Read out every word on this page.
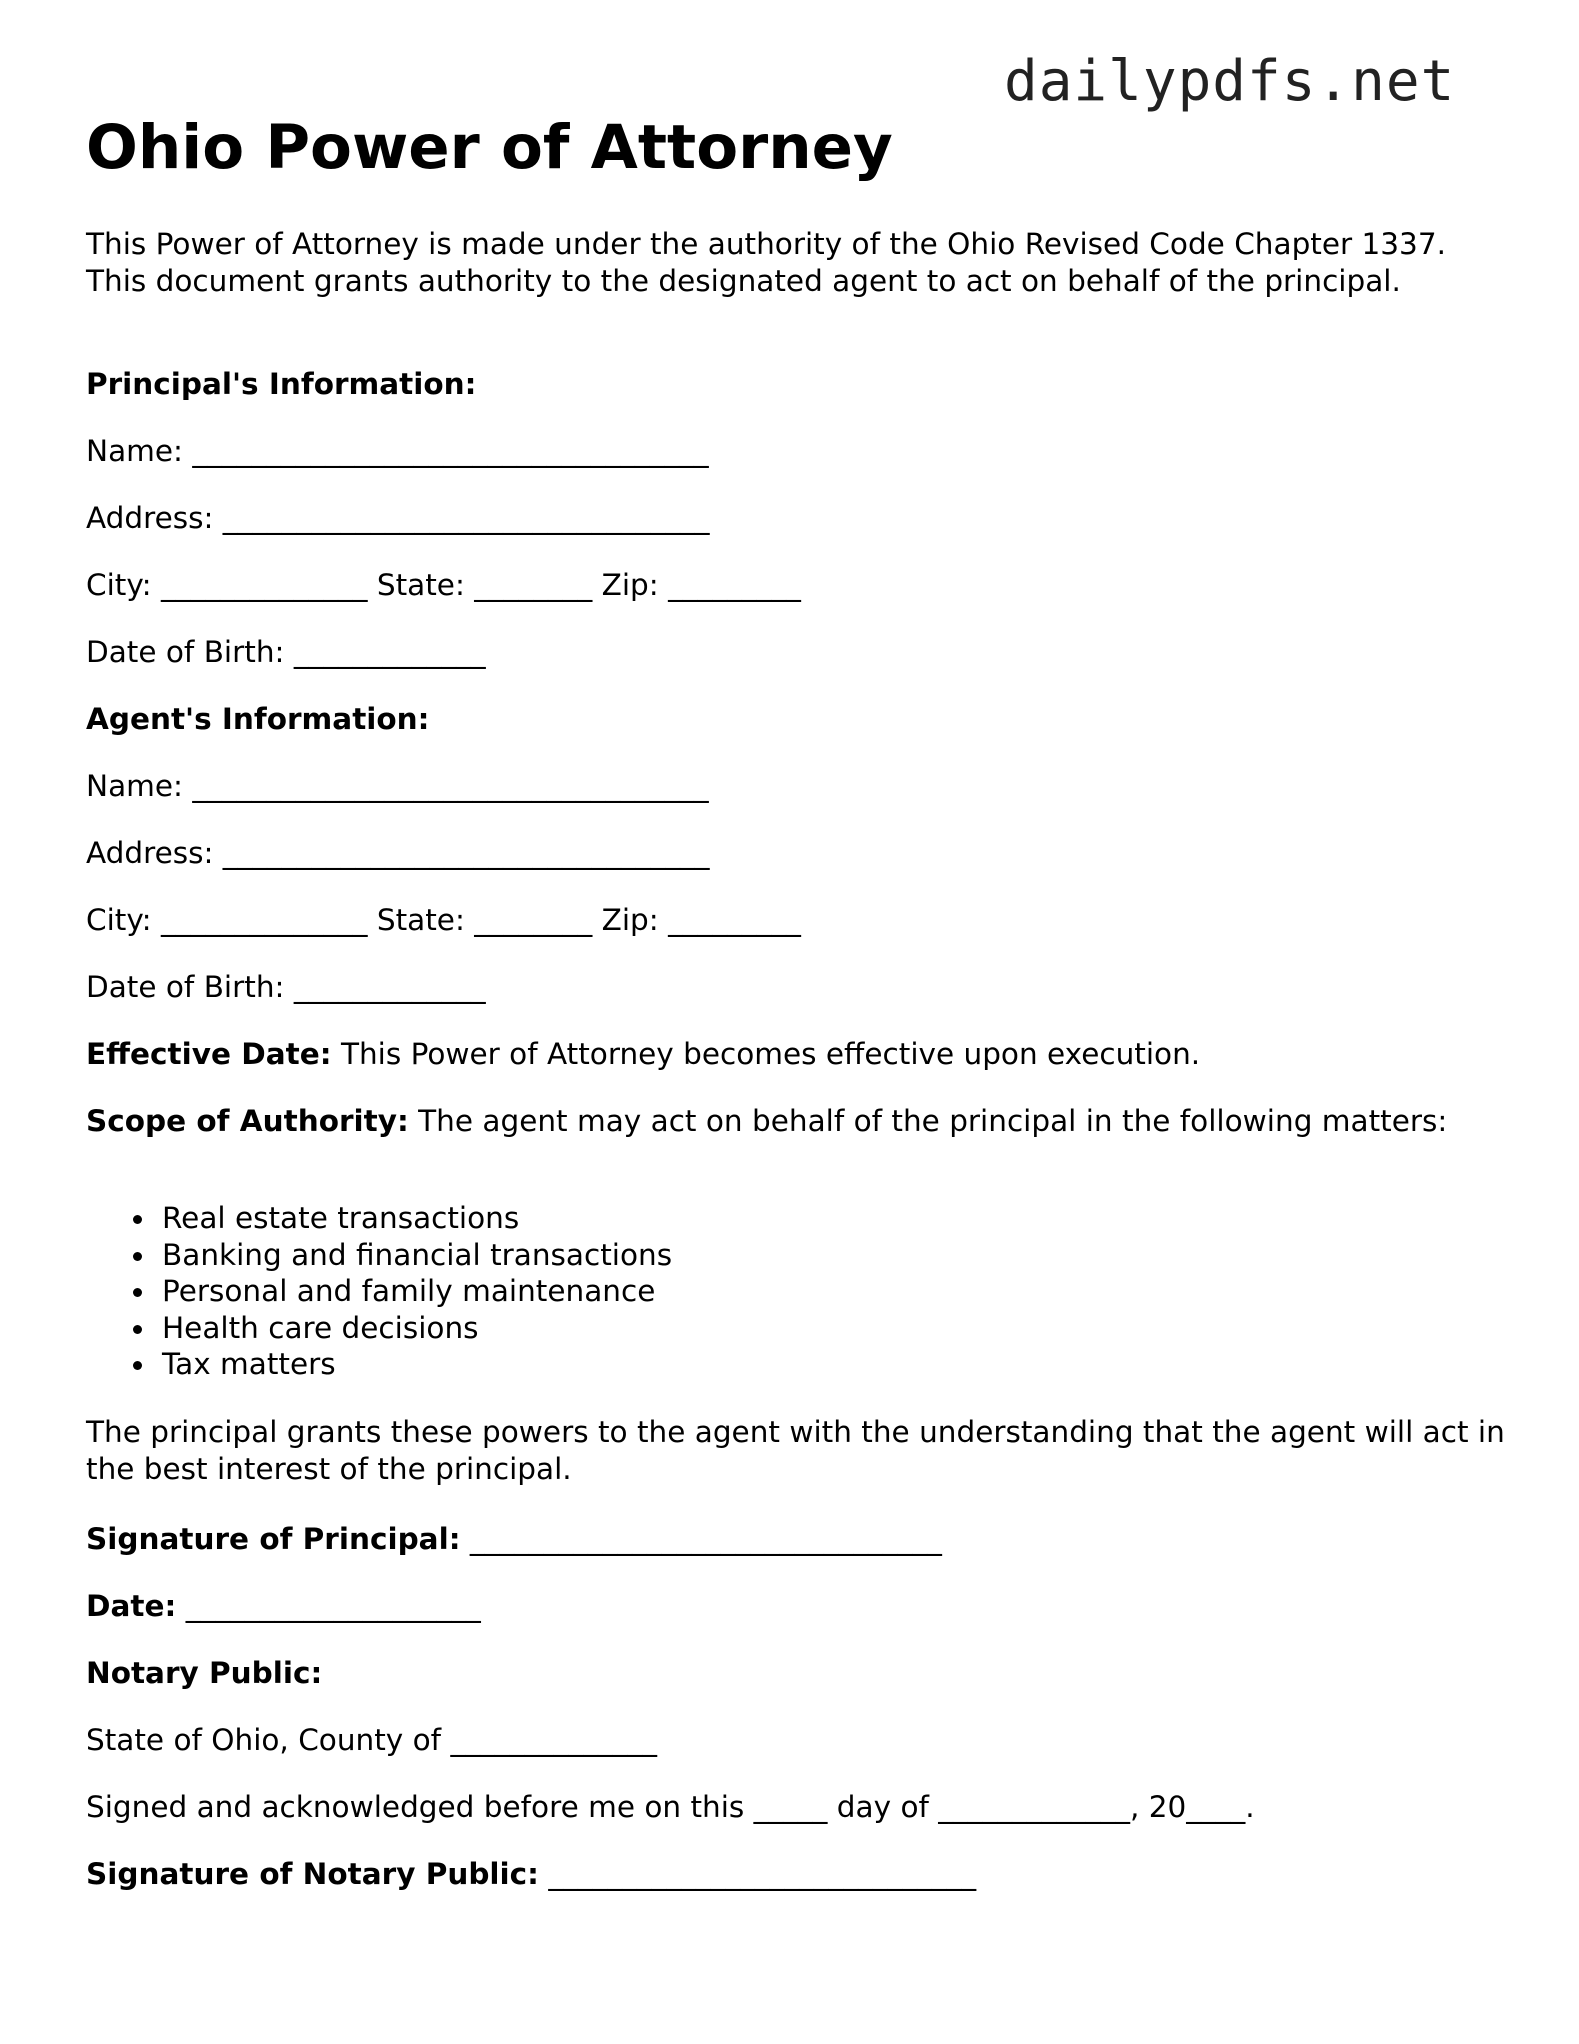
dailypdfs.net
Ohio Power of Attorney
This Power of Attorney is made under the authority of the Ohio Revised Code Chapter 1337. This document grants authority to the designated agent to act on behalf of the principal.
Principal's Information:
Name: ___________________________________
Address: _________________________________
City: ______________ State: ________ Zip: _________
Date of Birth: _____________
Agent's Information:
Name: ___________________________________
Address: _________________________________
City: ______________ State: ________ Zip: _________
Date of Birth: _____________
Effective Date: This Power of Attorney becomes effective upon execution.
Scope of Authority: The agent may act on behalf of the principal in the following matters:
Real estate transactions
Banking and financial transactions
Personal and family maintenance
Health care decisions
Tax matters
The principal grants these powers to the agent with the understanding that the agent will act in the best interest of the principal.
Signature of Principal: ________________________________
Date: ____________________
Notary Public:
State of Ohio, County of ______________
Signed and acknowledged before me on this _____ day of _____________, 20____.
Signature of Notary Public: _____________________________
